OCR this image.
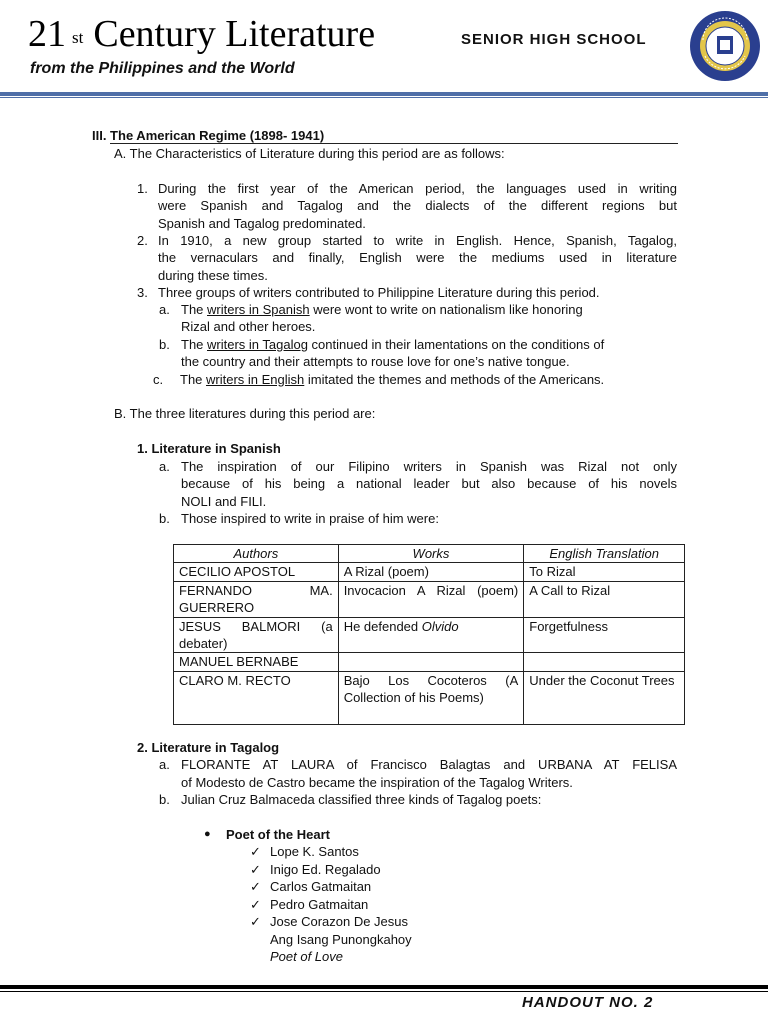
21 $^{st}$ Century Literature	SENIOR HIGH SCHOOL
from the Philippines and the World
III. The American Regime (1898- 1941)
A. The Characteristics of Literature during this period are as follows:
1. During the first year of the American period, the languages used in writing
were Spanish and Tagalog and the dialects of the different regions but
Spanish and Tagalog predominated.
2. In 1910, a new group started to write in English. Hence, Spanish, Tagalog,
the vernaculars and finally, English were the mediums used in literature
during these times.
3. Three groups of writers contributed to Philippine Literature during this period.
a. The writers in Spanish were wont to write on nationalism like honoring
Rizal and other heroes.
b. The writers in Tagalog continued in their lamentations on the conditions of
the country and their attempts to rouse love for one’s native tongue.
c. The writers in English imitated the themes and methods of the Americans.
B. The three literatures during this period are:
1. Literature in Spanish
a. The inspiration of our Filipino writers in Spanish was Rizal not only
because of his being a national leader but also because of his novels
NOLI and FILI.
b. Those inspired to write in praise of him were:
Authors	Works	English Translation
CECILIO APOSTOL	A Rizal (poem)	To Rizal
FERNANDO MA. GUERRERO	Invocacion A Rizal (poem)	A Call to Rizal
JESUS BALMORI (a debater)	He defended Olvido	Forgetfulness
MANUEL BERNABE		
CLARO M. RECTO	Bajo Los Cocoteros (A Collection of his Poems)	Under the Coconut Trees
2. Literature in Tagalog
a. FLORANTE AT LAURA of Francisco Balagtas and URBANA AT FELISA
of Modesto de Castro became the inspiration of the Tagalog Writers.
b. Julian Cruz Balmaceda classified three kinds of Tagalog poets:
● Poet of the Heart
✓ Lope K. Santos
✓ Inigo Ed. Regalado
✓ Carlos Gatmaitan
✓ Pedro Gatmaitan
✓ Jose Corazon De Jesus
Ang Isang Punongkahoy
Poet of Love
HANDOUT NO. 2
